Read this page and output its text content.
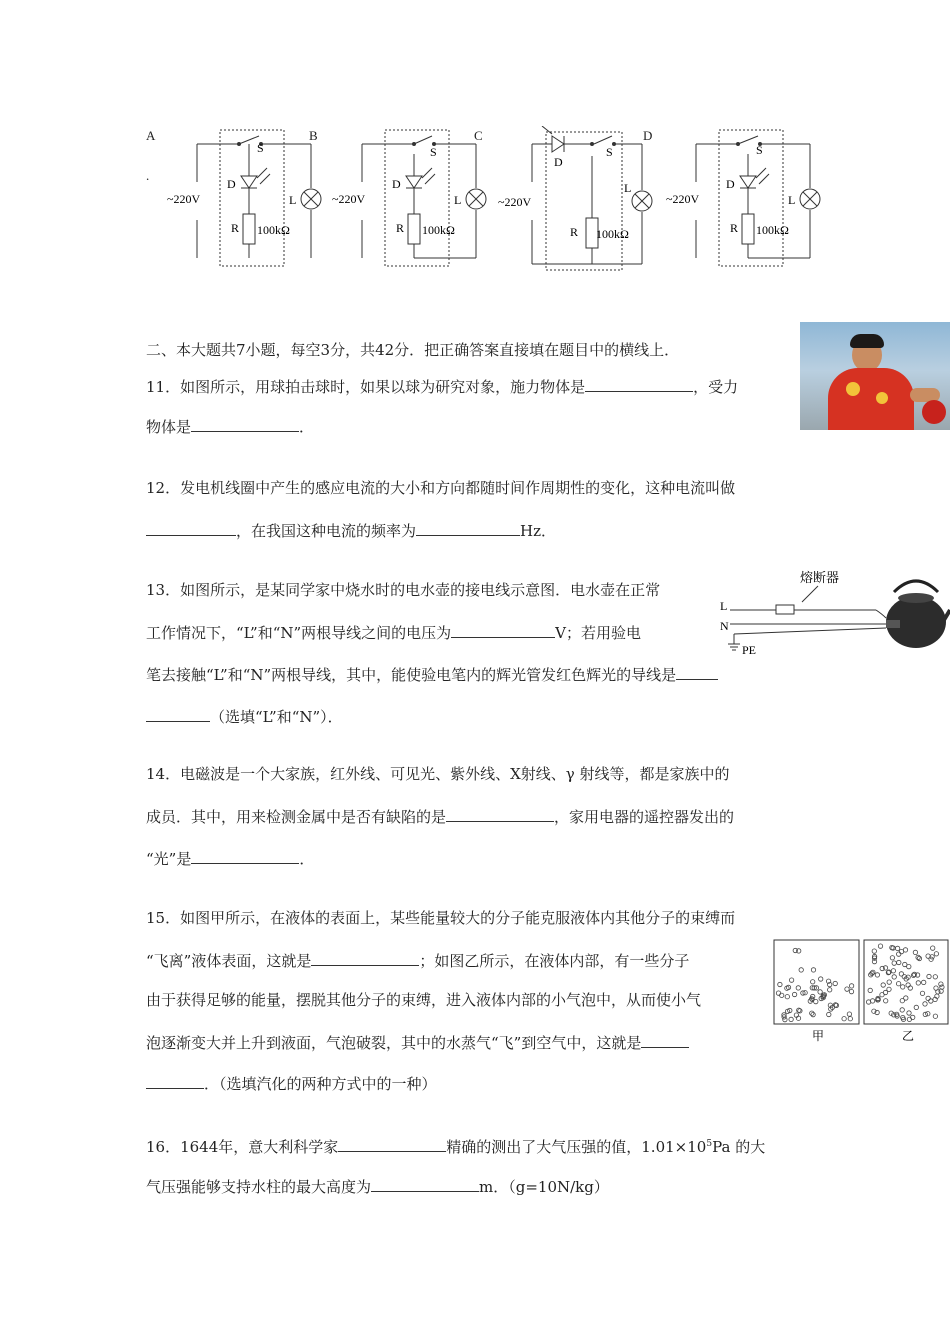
A
.
B	C	D
S
D
R 100kΩ
~220V	L
S
D
R 100kΩ
~220V	L
S
D
R 100kΩ
~220V
L
S
D
R 100kΩ
~220V	L
二、本大题共7小题，每空3分，共42分．把正确答案直接填在题目中的横线上．
11．如图所示，用球拍击球时，如果以球为研究对象，施力物体是	，受力
物体是	．
12．发电机线圈中产生的感应电流的大小和方向都随时间作周期性的变化，这种电流叫做
，在我国这种电流的频率为	Hz．
13．如图所示，是某同学家中烧水时的电水壶的接电线示意图．电水壶在正常
工作情况下，“L”和“N”两根导线之间的电压为	V；若用验电
笔去接触“L”和“N”两根导线，其中，能使验电笔内的辉光管发红色辉光的导线是
（选填“L”和“N”）．
熔断器
L
N
PE
14．电磁波是一个大家族，红外线、可见光、紫外线、X射线、γ 射线等，都是家族中的
成员．其中，用来检测金属中是否有缺陷的是	，家用电器的遥控器发出的
“光”是	．
15．如图甲所示，在液体的表面上，某些能量较大的分子能克服液体内其他分子的束缚而
“飞离”液体表面，这就是	；如图乙所示，在液体内部，有一些分子
由于获得足够的能量，摆脱其他分子的束缚，进入液体内部的小气泡中，从而使小气
泡逐渐变大并上升到液面，气泡破裂，其中的水蒸气“飞”到空气中，这就是
．（选填汽化的两种方式中的一种）
甲	乙
16．1644年，意大利科学家	精确的测出了大气压强的值，$1.01\times 10^5Pa$ 的大
气压强能够支持水柱的最大高度为	m．（g=10N/kg）
